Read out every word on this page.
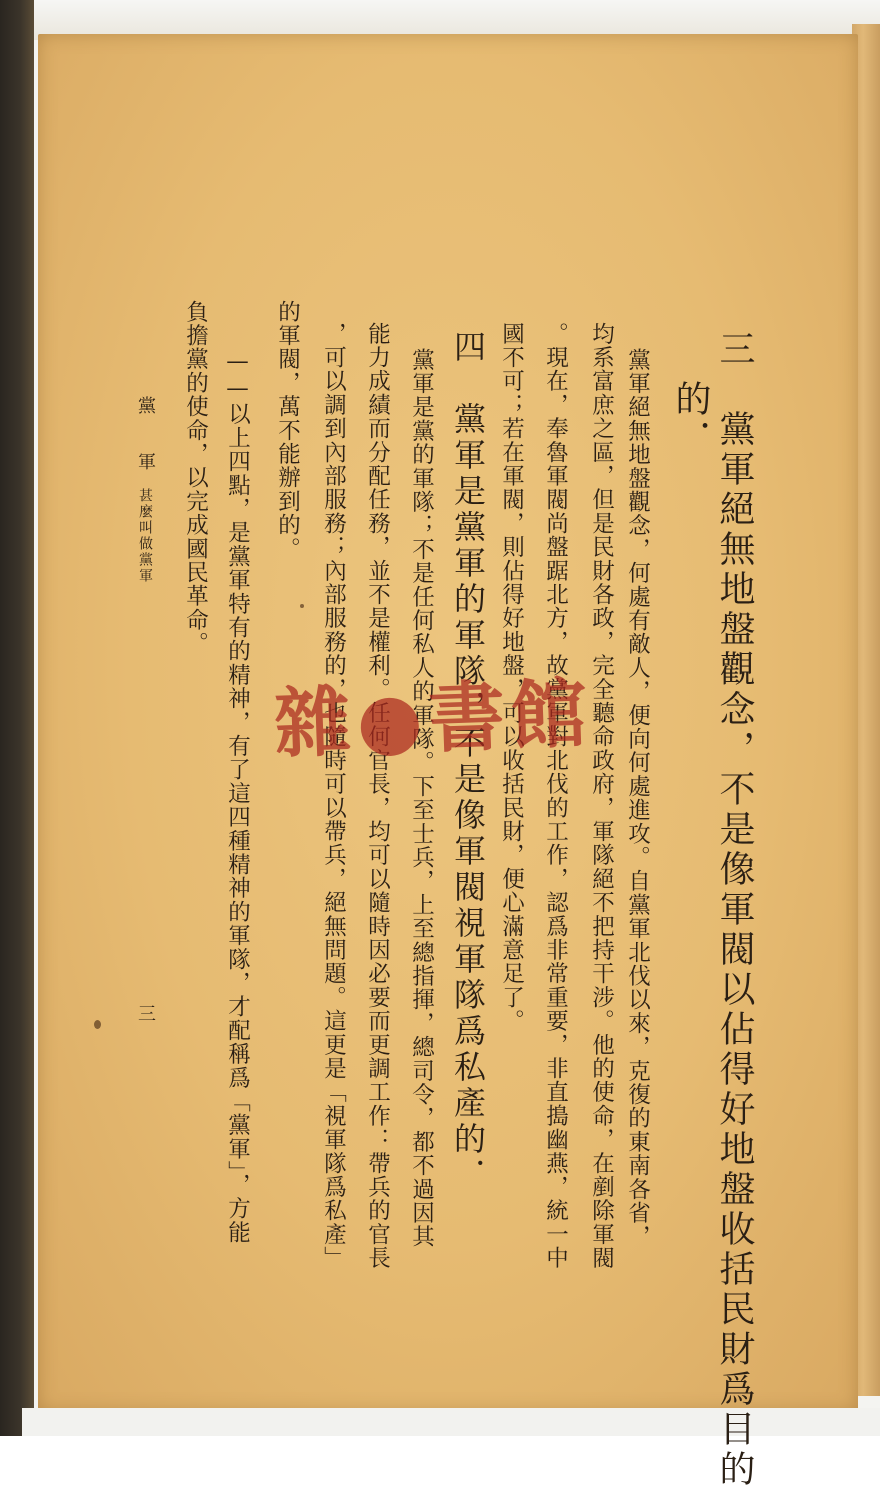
三　黨軍絕無地盤觀念，不是像軍閥以佔得好地盤收括民財爲目的
的．
黨軍絕無地盤觀念，何處有敵人，便向何處進攻。自黨軍北伐以來，克復的東南各省，
均系富庶之區，但是民財各政，完全聽命政府，軍隊絕不把持干涉。他的使命，在剷除軍閥
。現在，奉魯軍閥尚盤踞北方，故黨軍對北伐的工作，認爲非常重要，非直搗幽燕，統一中
國不可；若在軍閥，則佔得好地盤，可以收括民財，便心滿意足了。
四　黨軍是黨軍的軍隊，不是像軍閥視軍隊爲私產的．
黨軍是黨的軍隊；不是任何私人的軍隊。下至士兵，上至總指揮，總司令，都不過因其
能力成績而分配任務，並不是權利。任何官長，均可以隨時因必要而更調工作：帶兵的官長
，可以調到內部服務；內部服務的，也隨時可以帶兵，絕無問題。這更是「視軍隊爲私產」
的軍閥，萬不能辦到的。
——以上四點，是黨軍特有的精神，有了這四種精神的軍隊，才配稱爲「黨軍」，方能
負擔黨的使命，以完成國民革命。
黨　軍
甚麼叫做黨軍
三
雜●書館
